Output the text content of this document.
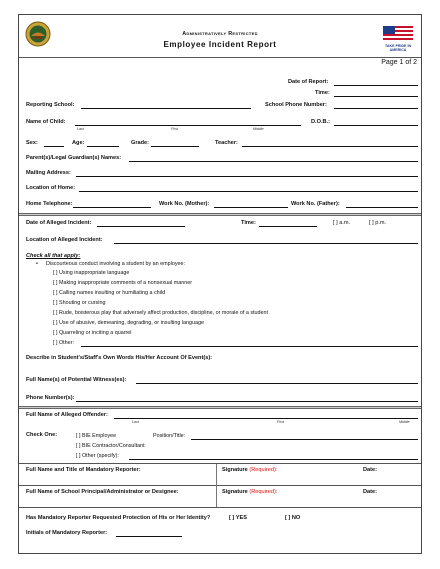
Administratively Restricted
Employee Incident Report	TAKE PRIDE IN AMERICA
Page 1 of 2
Date of Report:
Time:
Reporting School:	School Phone Number:
Name of Child:
Last	First	Middle
D.O.B.:
Sex:	Age:	Grade:	Teacher:
Parent(s)/Legal Guardian(s) Names:
Mailing Address:
Location of Home:
Home Telephone:	Work No. (Mother):	Work No. (Father):
Date of Alleged Incident:	Time:	[ ] a.m.	[ ] p.m.
Location of Alleged Incident:
Check all that apply:
• Discourteous conduct involving a student by an employee:
[ ] Using inappropriate language
[ ] Making inappropriate comments of a nonsexual manner
[ ] Calling names insulting or humiliating a child
[ ] Shouting or cursing
[ ] Rude, boisterous play that adversely affect production, discipline, or morale of a student
[ ] Use of abusive, demeaning, degrading, or insulting language
[ ] Quarreling or inciting a quarrel
[ ] Other:
Describe in Student's/Staff's Own Words His/Her Account Of Event(s):
Full Name(s) of Potential Witness(es):
Phone Number(s):
Full Name of Alleged Offender:
Last	First	Middle
Check One:	[ ] BIE Employee	Position/Title:
[ ] BIE Contractor/Consultant
[ ] Other (specify):
Full Name and Title of Mandatory Reporter:	Signature (Required):	Date:
Full Name of School Principal/Administrator or Designee:	Signature (Required):	Date:
Has Mandatory Reporter Requested Protection of His or Her Identity?	[ ] YES	[ ] NO
Initials of Mandatory Reporter:
